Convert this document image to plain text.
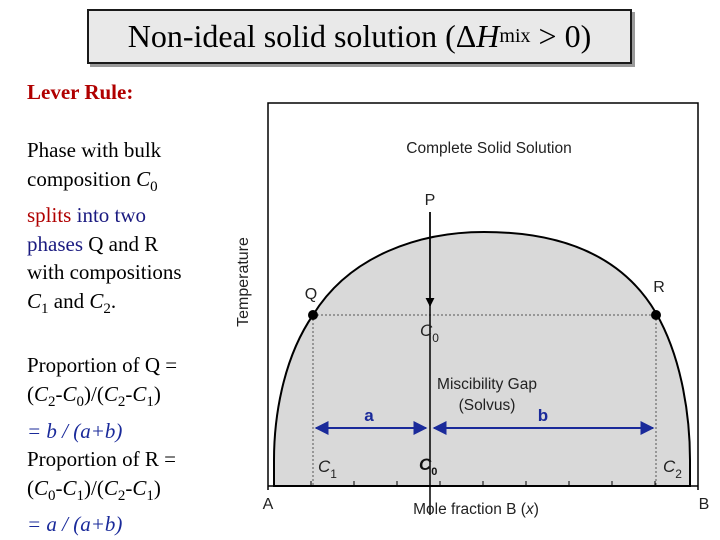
Non-ideal solid solution ( Δ H mix > 0)
Lever Rule:
Phase with bulk
composition $C_0$
splits into two
phases Q and R
with compositions
$C_1$ and $C_2$.
Proportion of Q =
$(C_2-C_0)/(C_2-C_1)$
= b / (a+b)
Proportion of R =
$(C_0-C_1)/(C_2-C_1)$
= a / (a+b)
Complete Solid Solution
Temperature
P
Q	R
$C_0$
Miscibility Gap
(Solvus)
a	b
$C_1$	$C_0$	$C_2$
A	B
Mole fraction B (x)
